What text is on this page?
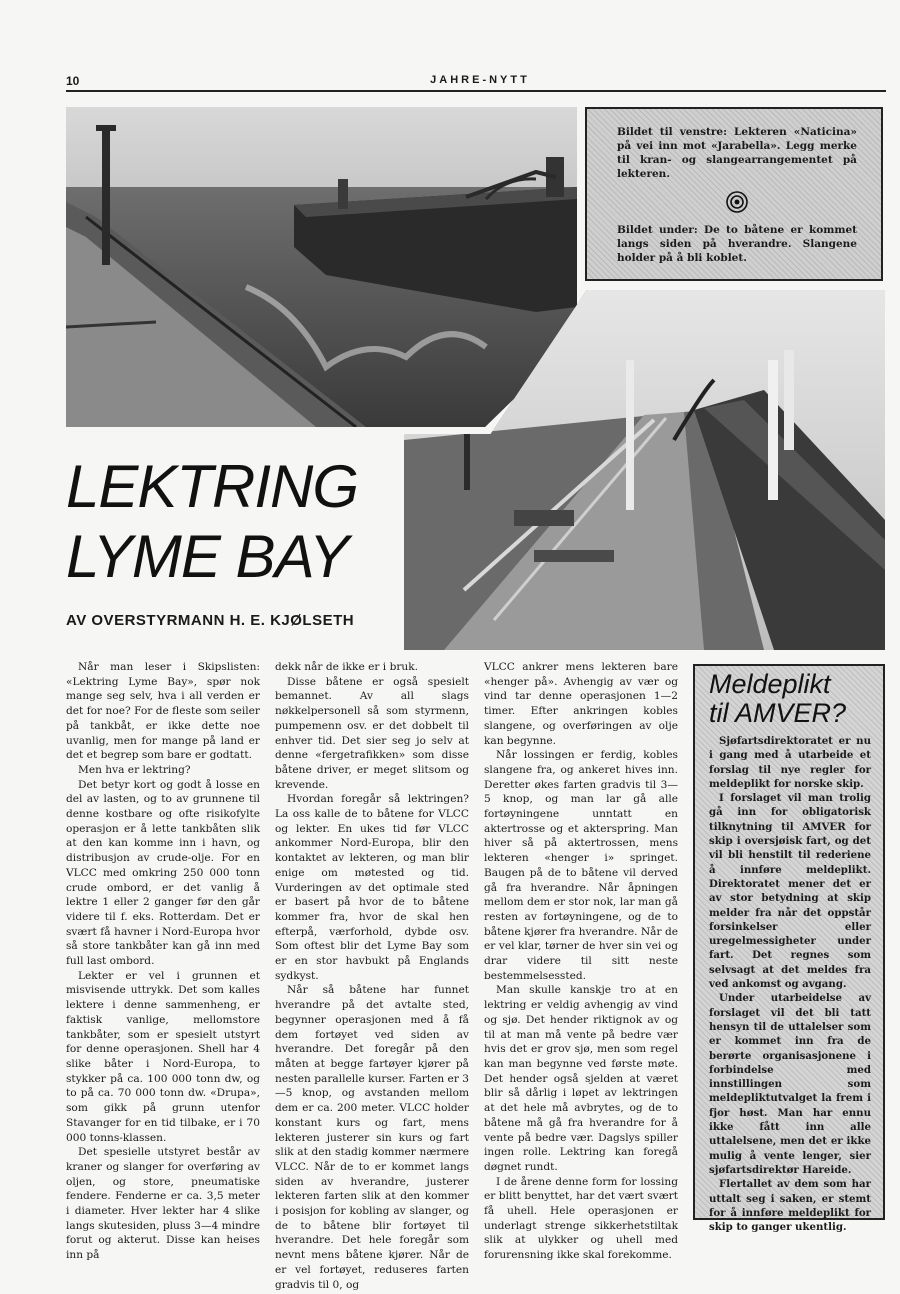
10	JAHRE-NYTT

Bildet til venstre: Lekteren «Naticina» på vei inn mot «Jarabella». Legg merke til kran- og slangearrangementet på lekteren.

Bildet under: De to båtene er kommet langs siden på hverandre. Slangene holder på å bli koblet.

LEKTRING
LYME BAY
AV OVERSTYRMANN H. E. KJØLSETH

Når man leser i Skipslisten: «Lektring Lyme Bay», spør nok mange seg selv, hva i all verden er det for noe? For de fleste som seiler på tankbåt, er ikke dette noe uvanlig, men for mange på land er det et begrep som bare er godtatt.

Men hva er lektring?

Det betyr kort og godt å losse en del av lasten, og to av grunnene til denne kostbare og ofte risikofylte operasjon er å lette tankbåten slik at den kan komme inn i havn, og distribusjon av crude-olje. For en VLCC med omkring 250 000 tonn crude ombord, er det vanlig å lektre 1 eller 2 ganger før den går videre til f. eks. Rotterdam. Det er svært få havner i Nord-Europa hvor så store tankbåter kan gå inn med full last ombord.

Lekter er vel i grunnen et misvisende uttrykk. Det som kalles lektere i denne sammenheng, er faktisk vanlige, mellomstore tankbåter, som er spesielt utstyrt for denne operasjonen. Shell har 4 slike båter i Nord-Europa, to stykker på ca. 100 000 tonn dw, og to på ca. 70 000 tonn dw. «Drupa», som gikk på grunn utenfor Stavanger for en tid tilbake, er i 70 000 tonns-klassen.

Det spesielle utstyret består av kraner og slanger for overføring av oljen, og store, pneumatiske fendere. Fenderne er ca. 3,5 meter i diameter. Hver lekter har 4 slike langs skutesiden, pluss 3—4 mindre forut og akterut. Disse kan heises inn på

dekk når de ikke er i bruk.

Disse båtene er også spesielt bemannet. Av all slags nøkkelpersonell så som styrmenn, pumpemenn osv. er det dobbelt til enhver tid. Det sier seg jo selv at denne «fergetrafikken» som disse båtene driver, er meget slitsom og krevende.

Hvordan foregår så lektringen? La oss kalle de to båtene for VLCC og lekter. En ukes tid før VLCC ankommer Nord-Europa, blir den kontaktet av lekteren, og man blir enige om møtested og tid. Vurderingen av det optimale sted er basert på hvor de to båtene kommer fra, hvor de skal hen efterpå, værforhold, dybde osv. Som oftest blir det Lyme Bay som er en stor havbukt på Englands sydkyst.

Når så båtene har funnet hverandre på det avtalte sted, begynner operasjonen med å få dem fortøyet ved siden av hverandre. Det foregår på den måten at begge fartøyer kjører på nesten parallelle kurser. Farten er 3—5 knop, og avstanden mellom dem er ca. 200 meter. VLCC holder konstant kurs og fart, mens lekteren justerer sin kurs og fart slik at den stadig kommer nærmere VLCC. Når de to er kommet langs siden av hverandre, justerer lekteren farten slik at den kommer i posisjon for kobling av slanger, og de to båtene blir fortøyet til hverandre. Det hele foregår som nevnt mens båtene kjører. Når de er vel fortøyet, reduseres farten gradvis til 0, og

VLCC ankrer mens lekteren bare «henger på». Avhengig av vær og vind tar denne operasjonen 1—2 timer. Efter ankringen kobles slangene, og overføringen av olje kan begynne.

Når lossingen er ferdig, kobles slangene fra, og ankeret hives inn. Deretter økes farten gradvis til 3—5 knop, og man lar gå alle fortøyningene unntatt en aktertrosse og et akterspring. Man hiver så på aktertrossen, mens lekteren «henger i» springet. Baugen på de to båtene vil derved gå fra hverandre. Når åpningen mellom dem er stor nok, lar man gå resten av fortøyningene, og de to båtene kjører fra hverandre. Når de er vel klar, tørner de hver sin vei og drar videre til sitt neste bestemmelsessted.

Man skulle kanskje tro at en lektring er veldig avhengig av vind og sjø. Det hender riktignok av og til at man må vente på bedre vær hvis det er grov sjø, men som regel kan man begynne ved første møte. Det hender også sjelden at været blir så dårlig i løpet av lektringen at det hele må avbrytes, og de to båtene må gå fra hverandre for å vente på bedre vær. Dagslys spiller ingen rolle. Lektring kan foregå døgnet rundt.

I de årene denne form for lossing er blitt benyttet, har det vært svært få uhell. Hele operasjonen er underlagt strenge sikkerhetstiltak slik at ulykker og uhell med forurensning ikke skal forekomme.

Meldeplikt
til AMVER?

Sjøfartsdirektoratet er nu i gang med å utarbeide et forslag til nye regler for meldeplikt for norske skip.

I forslaget vil man trolig gå inn for obligatorisk tilknytning til AMVER for skip i oversjøisk fart, og det vil bli henstilt til rederiene å innføre meldeplikt. Direktoratet mener det er av stor betydning at skip melder fra når det oppstår forsinkelser eller uregelmessigheter under fart. Det regnes som selvsagt at det meldes fra ved ankomst og avgang.

Under utarbeidelse av forslaget vil det bli tatt hensyn til de uttalelser som er kommet inn fra de berørte organisasjonene i forbindelse med innstillingen som meldepliktutvalget la frem i fjor høst. Man har ennu ikke fått inn alle uttalelsene, men det er ikke mulig å vente lenger, sier sjøfartsdirektør Hareide.

Flertallet av dem som har uttalt seg i saken, er stemt for å innføre meldeplikt for skip to ganger ukentlig.
